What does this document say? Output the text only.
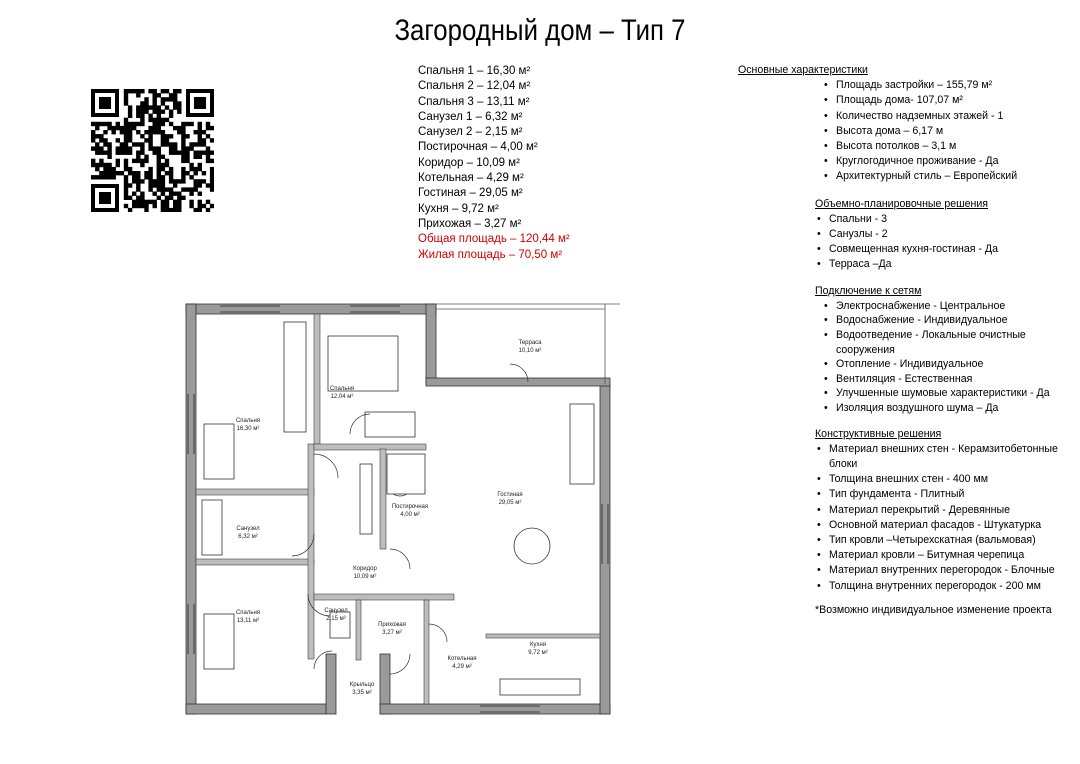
Загородный дом – Тип 7
Спальня 1 – 16,30 м²
Спальня 2 – 12,04 м²
Спальня 3 – 13,11 м²
Санузел 1 – 6,32 м²
Санузел 2 – 2,15 м²
Постирочная – 4,00 м²
Коридор – 10,09 м²
Котельная – 4,29 м²
Гостиная – 29,05 м²
Кухня – 9,72 м²
Прихожая – 3,27 м²
Общая площадь – 120,44 м²
Жилая площадь – 70,50 м²
Основные характеристики
• Площадь застройки – 155,79 м²
• Площадь дома- 107,07 м²
• Количество надземных этажей - 1
• Высота дома – 6,17 м
• Высота потолков – 3,1 м
• Круглогодичное проживание - Да
• Архитектурный стиль – Европейский
Объемно-планировочные решения
• Спальни - 3
• Санузлы - 2
• Совмещенная кухня-гостиная - Да
• Терраса –Да
Подключение к сетям
• Электроснабжение - Центральное
• Водоснабжение - Индивидуальное
• Водоотведение - Локальные очистные сооружения
• Отопление - Индивидуальное
• Вентиляция - Естественная
• Улучшенные шумовые характеристики - Да
• Изоляция воздушного шума – Да
Конструктивные решения
• Материал внешних стен - Керамзитобетонные блоки
• Толщина внешних стен - 400 мм
• Тип фундамента - Плитный
• Материал перекрытий - Деревянные
• Основной материал фасадов - Штукатурка
• Тип кровли –Четырехскатная (вальмовая)
• Материал кровли – Битумная черепица
• Материал внутренних перегородок - Блочные
• Толщина внутренних перегородок - 200 мм
*Возможно индивидуальное изменение проекта
Спальня
16,30 м²
Спальня
12,04 м²
Терраса
10,10 м²
Постирочная
4,00 м²
Гостиная
29,05 м²
Санузел
6,32 м²
Коридор
10,09 м²
Спальня
13,11 м²
Санузел
2,15 м²
Прихожая
3,27 м²
Кухня
9,72 м²
Котельная
4,29 м²
Крыльцо
3,35 м²
